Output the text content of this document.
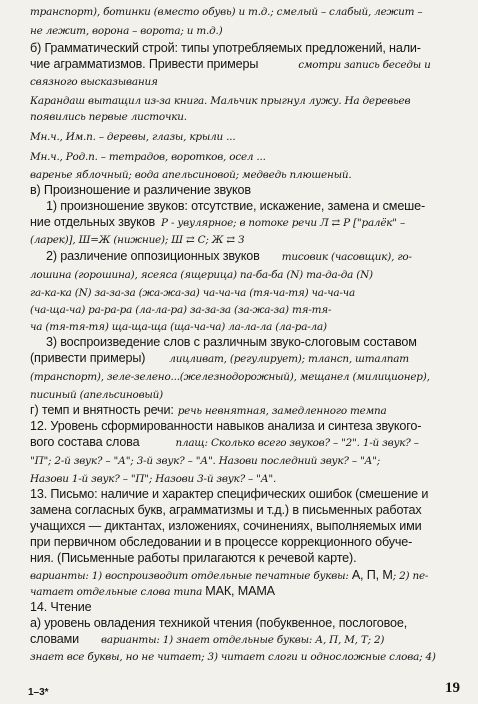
транспорт), ботинки (вместо обувь) и т.д.; смелый – слабый, лежит –
не лежит, ворона – ворота; и т.д.)
б) Грамматический строй: типы употребляемых предложений, нали-
чие аграмматизмов. Привести примеры	смотри запись беседы и
связного высказывания
Карандаш вытащил из-за книга. Мальчик прыгнул лужу. На деревьев
появились первые листочки.
Мн.ч., Им.п. – деревы, глазы, крыли ...
Мн.ч., Род.п. – тетрадов, воротков, осел ...
варенье яблочный; вода апельсиновой; медведь плюшеный.
в) Произношение и различение звуков
1) произношение звуков: отсутствие, искажение, замена и смеше-
ние отдельных звуков Р - увулярное; в потоке речи Л ⇄ Р ["ралёк" –
(ларек)], Ш=Ж (нижние); Ш ⇄ С; Ж ⇄ З
2) различение оппозиционных звуков тисовик (часовщик), го-
лошина (горошина), ясеяса (ящерица) па-ба-ба (N) та-да-да (N)
га-ка-ка (N) за-за-за (жа-жа-за) ча-ча-ча (тя-ча-тя) ча-ча-ча
(ча-ща-ча) ра-ра-ра (ла-ла-ра) за-за-за (за-жа-за) тя-тя-
ча (тя-тя-тя) ща-ща-ща (ща-ча-ча) ла-ла-ла (ла-ра-ла)
3) воспроизведение слов с различным звуко-слоговым составом
(привести примеры) лицливат, (регулирует); тлансп, шталпат
(транспорт), зеле-зелено...(железнодорожный), мещанел (милиционер),
писиный (апельсиновый)
г) темп и внятность речи: речь невнятная, замедленного темпа
12. Уровень сформированности навыков анализа и синтеза звукого-
вого состава слова	плащ: Сколько всего звуков? – "2". 1-й звук? –
"П"; 2-й звук? – "А"; 3-й звук? – "А". Назови последний звук? – "А";
Назови 1-й звук? – "П"; Назови 3-й звук? – "А".
13. Письмо: наличие и характер специфических ошибок (смешение и
замена согласных букв, аграмматизмы и т.д.) в письменных работах
учащихся — диктантах, изложениях, сочинениях, выполняемых ими
при первичном обследовании и в процессе коррекционного обуче-
ния. (Письменные работы прилагаются к речевой карте).
варианты: 1) воспроизводит отдельные печатные буквы: А, П, М; 2) пе-
чатает отдельные слова типа МАК, МАМА
14. Чтение
а) уровень овладения техникой чтения (побуквенное, послоговое,
словами варианты: 1) знает отдельные буквы: А, П, М, Т; 2)
знает все буквы, но не читает; 3) читает слоги и односложные слова; 4)
1–3*	19
